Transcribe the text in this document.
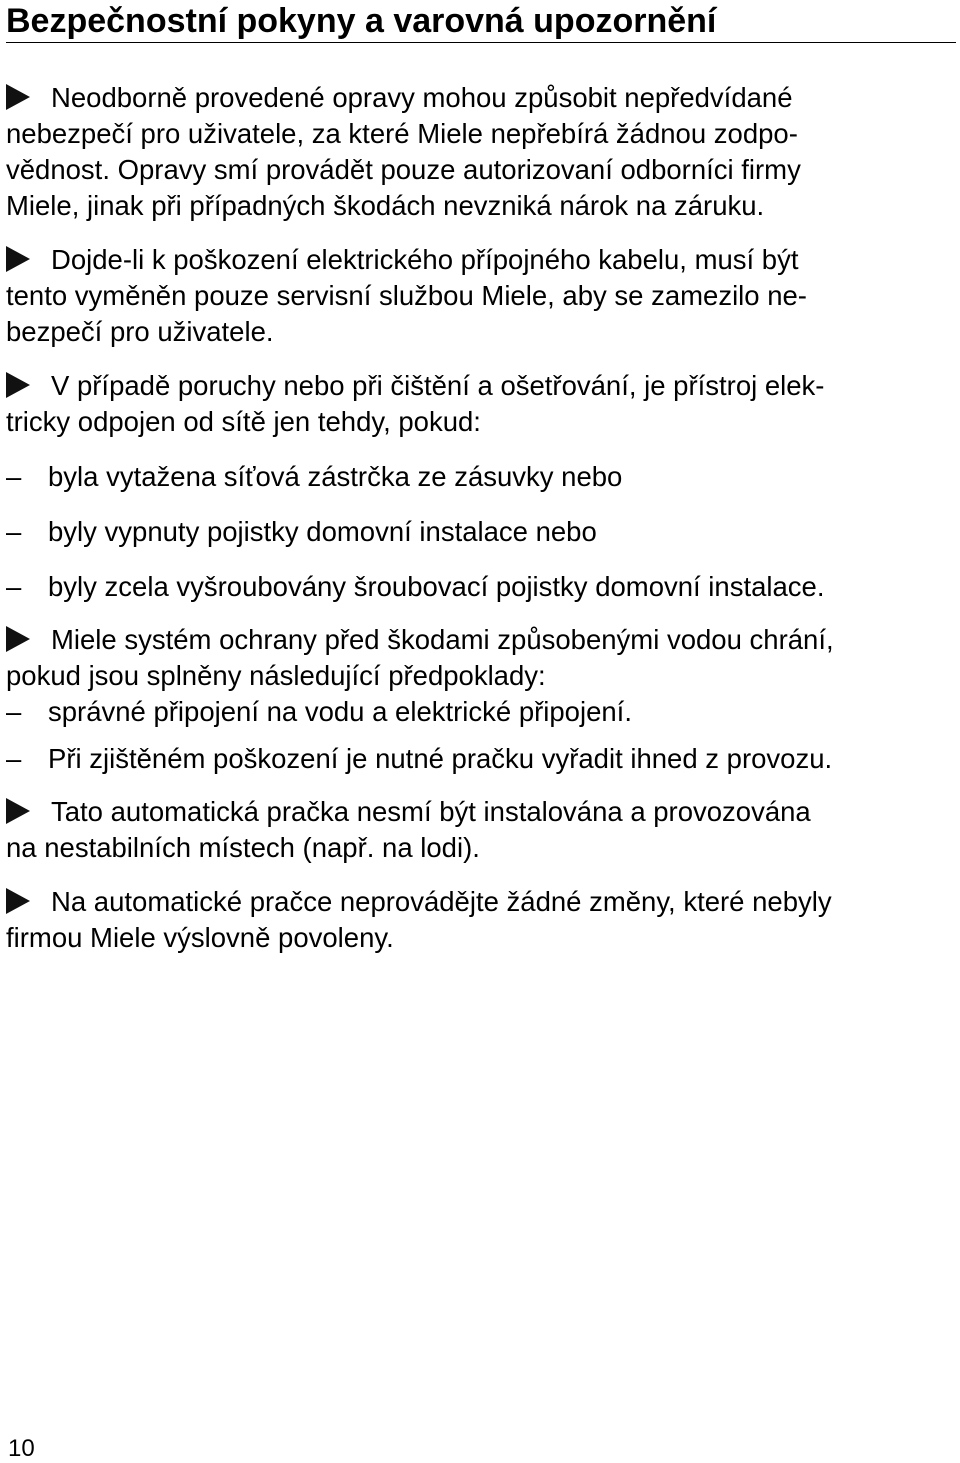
Bezpečnostní pokyny a varovná upozornění
Neodborně provedené opravy mohou způsobit nepředvídané
nebezpečí pro uživatele, za které Miele nepřebírá žádnou zodpo-
vědnost. Opravy smí provádět pouze autorizovaní odborníci firmy
Miele, jinak při případných škodách nevzniká nárok na záruku.
Dojde-li k poškození elektrického přípojného kabelu, musí být
tento vyměněn pouze servisní službou Miele, aby se zamezilo ne-
bezpečí pro uživatele.
V případě poruchy nebo při čištění a ošetřování, je přístroj elek-
tricky odpojen od sítě jen tehdy, pokud:
– byla vytažena síťová zástrčka ze zásuvky nebo
– byly vypnuty pojistky domovní instalace nebo
– byly zcela vyšroubovány šroubovací pojistky domovní instalace.
Miele systém ochrany před škodami způsobenými vodou chrání,
pokud jsou splněny následující předpoklady:
– správné připojení na vodu a elektrické připojení.
– Při zjištěném poškození je nutné pračku vyřadit ihned z provozu.
Tato automatická pračka nesmí být instalována a provozována
na nestabilních místech (např. na lodi).
Na automatické pračce neprovádějte žádné změny, které nebyly
firmou Miele výslovně povoleny.
10
